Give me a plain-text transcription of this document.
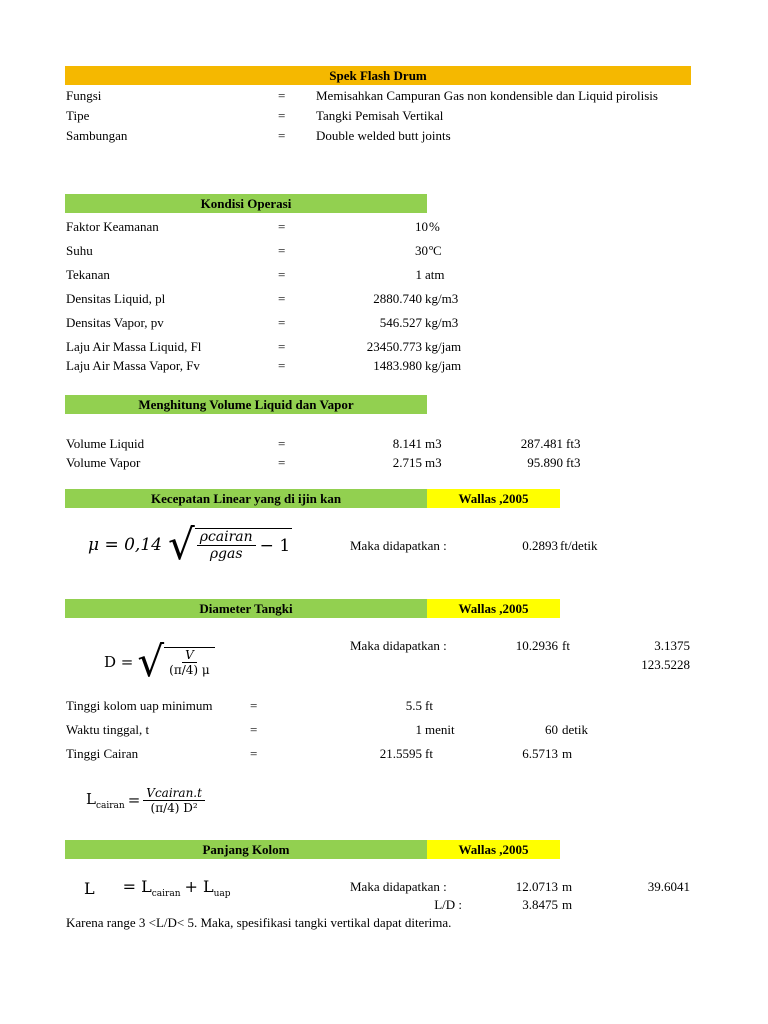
Spek Flash Drum
Fungsi	= Memisahkan Campuran Gas non kondensible dan Liquid pirolisis
Tipe	= Tangki Pemisah Vertikal
Sambungan	= Double welded butt joints
Kondisi Operasi
Faktor Keamanan	=	10 %
Suhu	=	30 ºC
Tekanan	=	1 atm
Densitas Liquid, pl	=	2880.740 kg/m3
Densitas Vapor, pv	=	546.527 kg/m3
Laju Air Massa Liquid, Fl	=	23450.773 kg/jam
Laju Air Massa Vapor, Fv	=	1483.980 kg/jam
Menghitung Volume Liquid dan Vapor
Volume Liquid	=	8.141 m3	287.481 ft3
Volume Vapor	=	2.715 m3	95.890 ft3
Kecepatan Linear yang di ijin kan	Wallas ,2005
μ = 0,14 √ $\frac{\text{ρcairan}}{\text{ρgas}} - 1$	Maka didapatkan :	0.2893 ft/detik
Diameter Tangki	Wallas ,2005
D = √ $\frac{V}{(\pi/4) \mu}$
Maka didapatkan :	10.2936 ft	3.1375
123.5228
Tinggi kolom uap minimum	=	5.5 ft
Waktu tinggal, t	=	1 menit	60 detik
Tinggi Cairan	=	21.5595 ft	6.5713 m
$L_{cairan} = \frac{\text{Vcairan.t}}{\text{(π/4) D²}}$
Panjang Kolom	Wallas ,2005
$L = L_{cairan} + L_{uap}$
Maka didapatkan :	12.0713 m	39.6041
L/D :	3.8475 m
Karena range 3 <L/D< 5. Maka, spesifikasi tangki vertikal dapat diterima.
